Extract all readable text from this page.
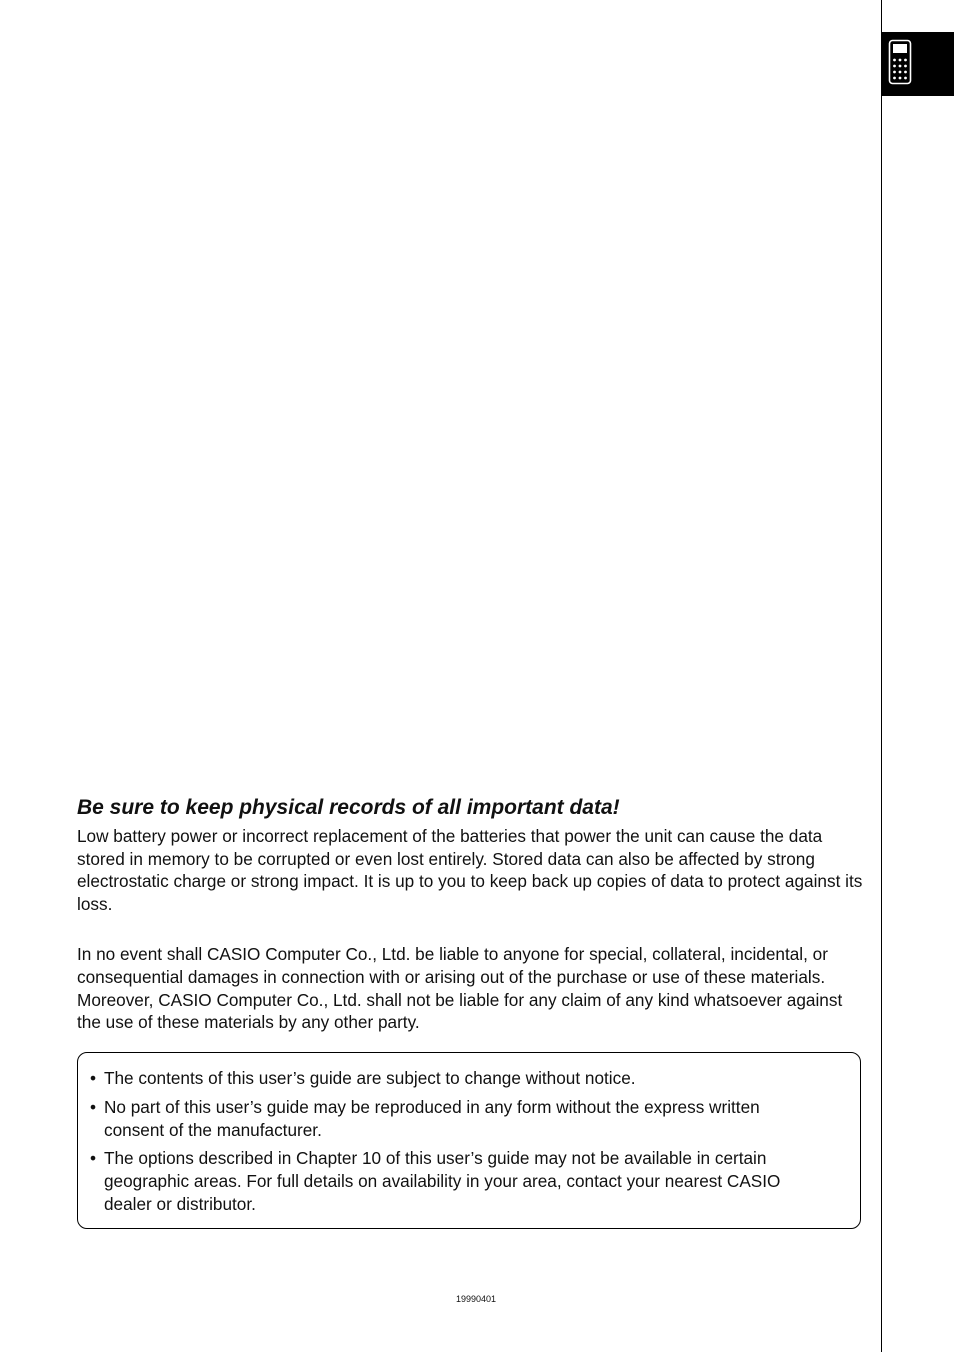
Be sure to keep physical records of all important data!

Low battery power or incorrect replacement of the batteries that power the unit can cause the data stored in memory to be corrupted or even lost entirely. Stored data can also be affected by strong electrostatic charge or strong impact. It is up to you to keep back up copies of data to protect against its loss.

In no event shall CASIO Computer Co., Ltd. be liable to anyone for special, collateral, incidental, or consequential damages in connection with or arising out of the purchase or use of these materials. Moreover, CASIO Computer Co., Ltd. shall not be liable for any claim of any kind whatsoever against the use of these materials by any other party.

• The contents of this user’s guide are subject to change without notice.
• No part of this user’s guide may be reproduced in any form without the express written consent of the manufacturer.
• The options described in Chapter 10 of this user’s guide may not be available in certain geographic areas. For full details on availability in your area, contact your nearest CASIO dealer or distributor.
19990401
